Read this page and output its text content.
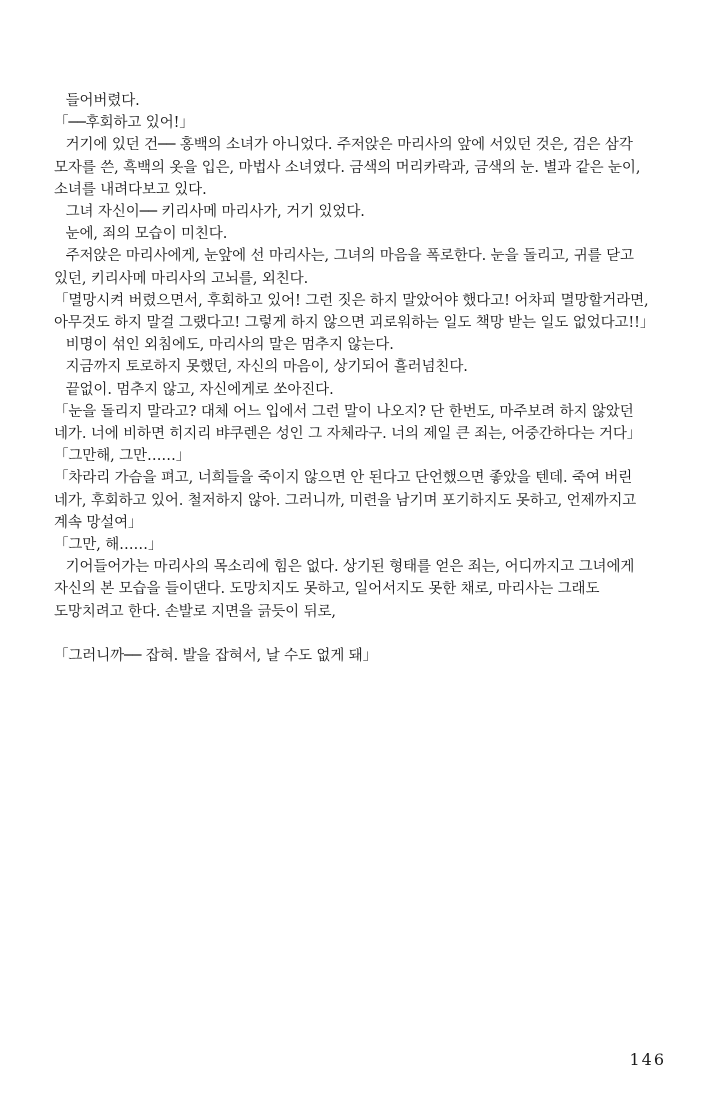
들어버렸다.

「──후회하고 있어!」

거기에 있던 건── 홍백의 소녀가 아니었다. 주저앉은 마리사의 앞에 서있던 것은, 검은 삼각 모자를 쓴, 흑백의 옷을 입은, 마법사 소녀였다. 금색의 머리카락과, 금색의 눈. 별과 같은 눈이, 소녀를 내려다보고 있다.

그녀 자신이── 키리사메 마리사가, 거기 있었다.

눈에, 죄의 모습이 미친다.

주저앉은 마리사에게, 눈앞에 선 마리사는, 그녀의 마음을 폭로한다. 눈을 돌리고, 귀를 닫고 있던, 키리사메 마리사의 고뇌를, 외친다.

「멸망시켜 버렸으면서, 후회하고 있어! 그런 짓은 하지 말았어야 했다고! 어차피 멸망할거라면, 아무것도 하지 말걸 그랬다고! 그렇게 하지 않으면 괴로워하는 일도 책망 받는 일도 없었다고!!」

비명이 섞인 외침에도, 마리사의 말은 멈추지 않는다.

지금까지 토로하지 못했던, 자신의 마음이, 상기되어 흘러넘친다.

끝없이. 멈추지 않고, 자신에게로 쏘아진다.

「눈을 돌리지 말라고? 대체 어느 입에서 그런 말이 나오지? 단 한번도, 마주보려 하지 않았던 네가. 너에 비하면 히지리 뱌쿠렌은 성인 그 자체라구. 너의 제일 큰 죄는, 어중간하다는 거다」

「그만해, 그만……」

「차라리 가슴을 펴고, 너희들을 죽이지 않으면 안 된다고 단언했으면 좋았을 텐데. 죽여 버린 네가, 후회하고 있어. 철저하지 않아. 그러니까, 미련을 남기며 포기하지도 못하고, 언제까지고 계속 망설여」

「그만, 해……」

기어들어가는 마리사의 목소리에 힘은 없다. 상기된 형태를 얻은 죄는, 어디까지고 그녀에게 자신의 본 모습을 들이댄다. 도망치지도 못하고, 일어서지도 못한 채로, 마리사는 그래도 도망치려고 한다. 손발로 지면을 긁듯이 뒤로,

「그러니까── 잡혀. 발을 잡혀서, 날 수도 없게 돼」

146
